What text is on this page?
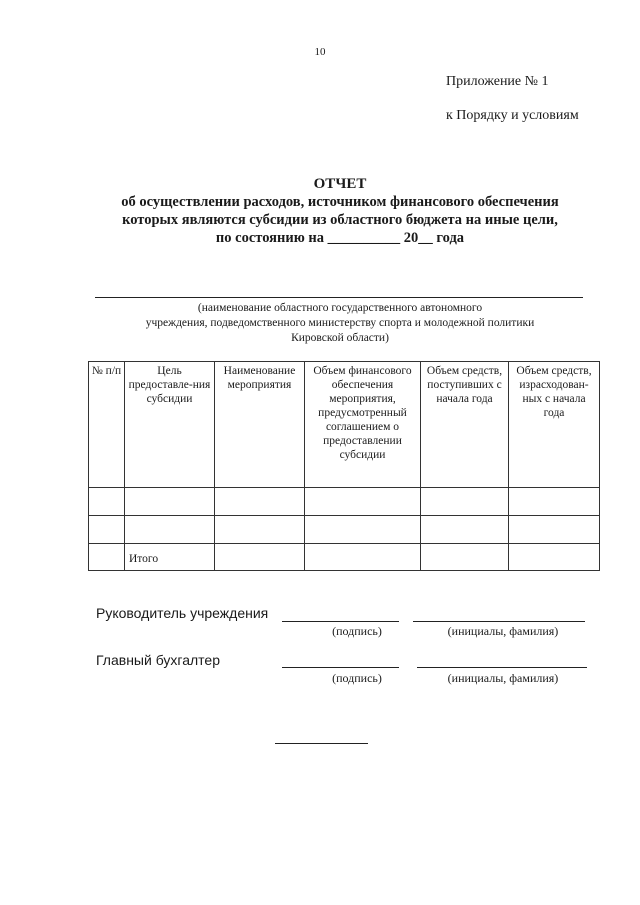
10
Приложение № 1
к Порядку и условиям
ОТЧЕТ
об осуществлении расходов, источником финансового обеспечения
которых являются субсидии из областного бюджета на иные цели,
по состоянию на __________ 20__ года
(наименование областного государственного автономного
учреждения, подведомственного министерству спорта и молодежной политики
Кировской области)
№ п/п	Цель предоставле-ния субсидии	Наименование мероприятия	Объем финансового обеспечения мероприятия, предусмотренный соглашением о предоставлении субсидии	Объем средств, поступивших с начала года	Объем средств, израсходован-ных с начала года

	Итого				
Руководитель учреждения
(подпись)	(инициалы, фамилия)
Главный бухгалтер
(подпись)	(инициалы, фамилия)
